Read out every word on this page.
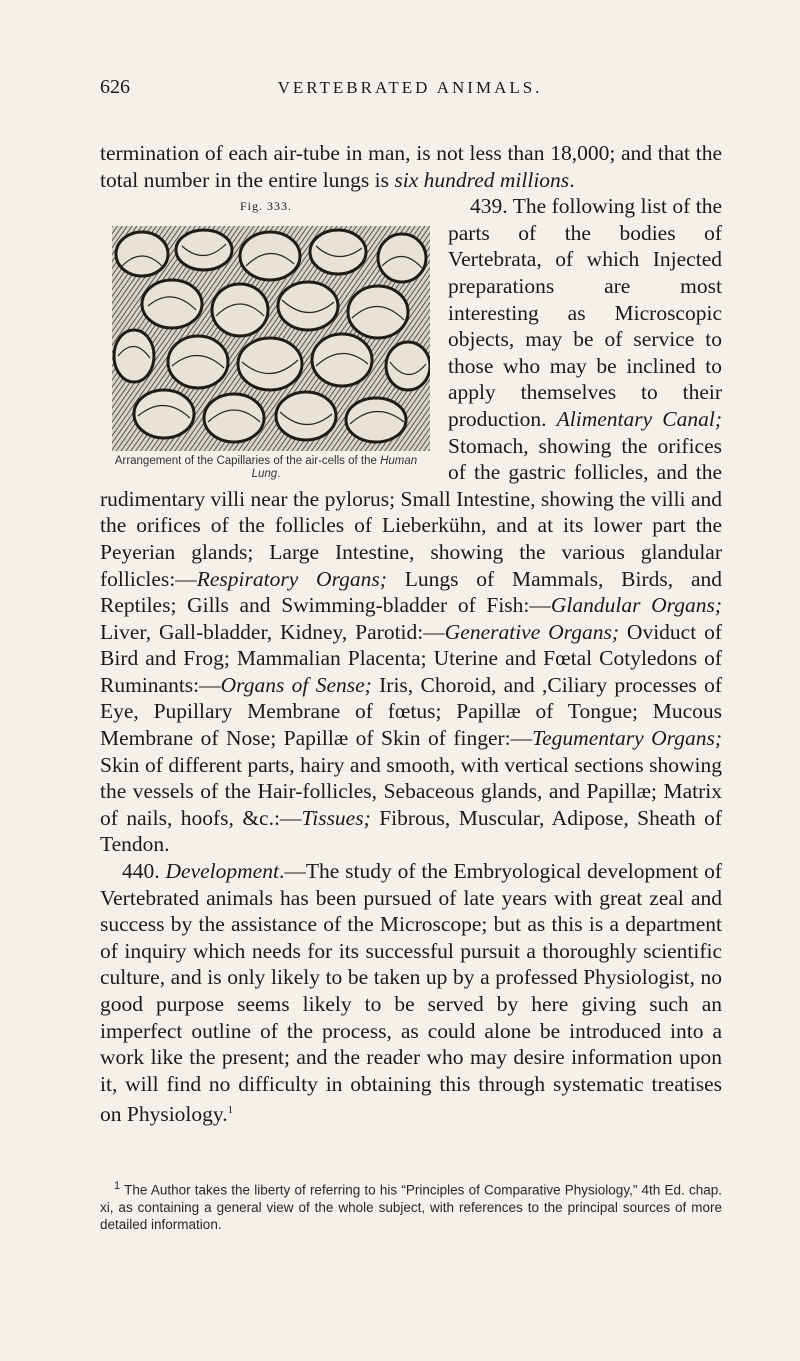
626	VERTEBRATED ANIMALS.

termination of each air-tube in man, is not less than 18,000; and that the total number in the entire lungs is six hundred millions.

Fig. 333.
Arrangement of the Capillaries of the air-cells of the Human Lung.

439. The following list of the parts of the bodies of Vertebrata, of which Injected preparations are most interesting as Microscopic objects, may be of service to those who may be inclined to apply themselves to their production. Alimentary Canal; Stomach, showing the orifices of the gastric follicles, and the rudimentary villi near the pylorus; Small Intestine, showing the villi and the orifices of the follicles of Lieberkühn, and at its lower part the Peyerian glands; Large Intestine, showing the various glandular follicles:—Respiratory Organs; Lungs of Mammals, Birds, and Reptiles; Gills and Swimming-bladder of Fish:—Glandular Organs; Liver, Gall-bladder, Kidney, Parotid:—Generative Organs; Oviduct of Bird and Frog; Mammalian Placenta; Uterine and Fœtal Cotyledons of Ruminants:—Organs of Sense; Iris, Choroid, and ,Ciliary processes of Eye, Pupillary Membrane of fœtus; Papillæ of Tongue; Mucous Membrane of Nose; Papillæ of Skin of finger:—Tegumentary Organs; Skin of different parts, hairy and smooth, with vertical sections showing the vessels of the Hair-follicles, Sebaceous glands, and Papillæ; Matrix of nails, hoofs, &c.:—Tissues; Fibrous, Muscular, Adipose, Sheath of Tendon.

440. Development.—The study of the Embryological development of Vertebrated animals has been pursued of late years with great zeal and success by the assistance of the Microscope; but as this is a department of inquiry which needs for its successful pursuit a thoroughly scientific culture, and is only likely to be taken up by a professed Physiologist, no good purpose seems likely to be served by here giving such an imperfect outline of the process, as could alone be introduced into a work like the present; and the reader who may desire information upon it, will find no difficulty in obtaining this through systematic treatises on Physiology.$^1$

$^1$ The Author takes the liberty of referring to his “Principles of Comparative Physiology,” 4th Ed. chap. xi, as containing a general view of the whole subject, with references to the principal sources of more detailed information.
